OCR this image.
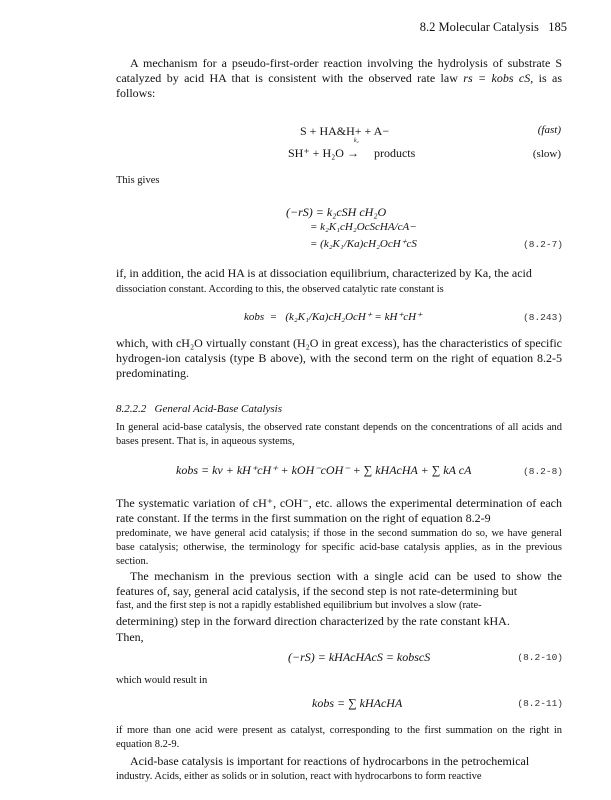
8.2 Molecular Catalysis 185

A mechanism for a pseudo-first-order reaction involving the hydrolysis of substrate S catalyzed by acid HA that is consistent with the observed rate law rs = kobs cS, is as follows:

S + HA&H+ + A−	(fast)
SH⁺ + H₂O
k₂
→ products	(slow)
This gives
(−rS) = k₂cSH cH₂O
= k₂K₁cH₂OcScHA/cA−
= (k₂K₁/Ka)cH₂OcH⁺cS	(8.2-7)
if, in addition, the acid HA is at dissociation equilibrium, characterized by Ka, the acid
dissociation constant. According to this, the observed catalytic rate constant is
kobs  =   (k₂K₁/Ka)cH₂OcH⁺ = kH⁺cH⁺	(8.243)

which, with cH₂O virtually constant (H₂O in great excess), has the characteristics of specific hydrogen-ion catalysis (type B above), with the second term on the right of equation 8.2-5 predominating.

8.2.2.2 General Acid-Base Catalysis

In general acid-base catalysis, the observed rate constant depends on the concentrations of all acids and bases present. That is, in aqueous systems,

kobs = kν + kH⁺cH⁺ + kOH⁻cOH⁻ + ∑ kHAcHA + ∑ kA cA	(8.2-8)

The systematic variation of cH⁺, cOH⁻, etc. allows the experimental determination of each rate constant. If the terms in the first summation on the right of equation 8.2-9

predominate, we have general acid catalysis; if those in the second summation do so, we have general base catalysis; otherwise, the terminology for specific acid-base catalysis applies, as in the previous section.

The mechanism in the previous section with a single acid can be used to show the features of, say, general acid catalysis, if the second step is not rate-determining but

fast, and the first step is not a rapidly established equilibrium but involves a slow (rate-
determining) step in the forward direction characterized by the rate constant kHA.
Then,
(−rS) = kHAcHAcS = kobscS	(8.2-10)
which would result in
kobs = ∑ kHAcHA	(8.2-11)

if more than one acid were present as catalyst, corresponding to the first summation on the right in equation 8.2-9.

Acid-base catalysis is important for reactions of hydrocarbons in the petrochemical
industry. Acids, either as solids or in solution, react with hydrocarbons to form reactive
